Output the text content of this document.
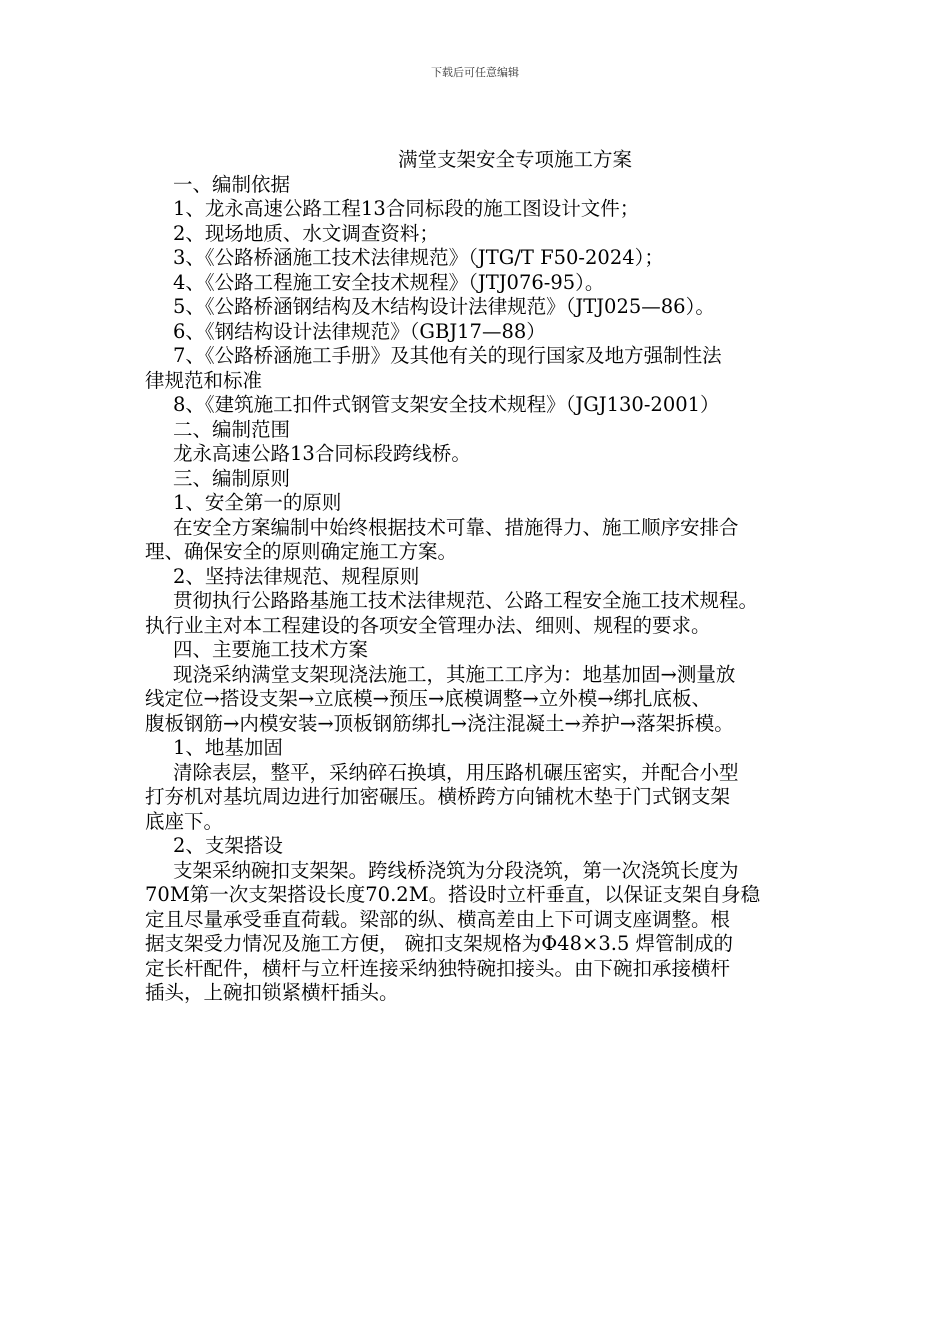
下载后可任意编辑

满堂支架安全专项施工方案

一、编制依据

1、龙永高速公路工程13合同标段的施工图设计文件；

2、现场地质、水文调查资料；

3、《公路桥涵施工技术法律规范》（JTG/T F50-2024）；

4、《公路工程施工安全技术规程》（JTJ076-95）。

5、《公路桥涵钢结构及木结构设计法律规范》（JTJ025—86）。

6、《钢结构设计法律规范》（GBJ17—88）

7、《公路桥涵施工手册》及其他有关的现行国家及地方强制性法

律规范和标准

8、《建筑施工扣件式钢管支架安全技术规程》（JGJ130-2001）

二、编制范围

龙永高速公路13合同标段跨线桥。

三、编制原则

1、安全第一的原则

在安全方案编制中始终根据技术可靠、措施得力、施工顺序安排合

理、确保安全的原则确定施工方案。

2、坚持法律规范、规程原则

贯彻执行公路路基施工技术法律规范、公路工程安全施工技术规程。

执行业主对本工程建设的各项安全管理办法、细则、规程的要求。

四、主要施工技术方案

现浇采纳满堂支架现浇法施工，其施工工序为：地基加固→测量放

线定位→搭设支架→立底模→预压→底模调整→立外模→绑扎底板、

腹板钢筋→内模安装→顶板钢筋绑扎→浇注混凝土→养护→落架拆模。

1、地基加固

清除表层，整平，采纳碎石换填，用压路机碾压密实，并配合小型

打夯机对基坑周边进行加密碾压。横桥跨方向铺枕木垫于门式钢支架

底座下。

2、支架搭设

支架采纳碗扣支架架。跨线桥浇筑为分段浇筑，第一次浇筑长度为

70M第一次支架搭设长度70.2M。搭设时立杆垂直，以保证支架自身稳

定且尽量承受垂直荷载。梁部的纵、横高差由上下可调支座调整。根

据支架受力情况及施工方便， 碗扣支架规格为Φ48×3.5 焊管制成的

定长杆配件，横杆与立杆连接采纳独特碗扣接头。由下碗扣承接横杆

插头，上碗扣锁紧横杆插头。
